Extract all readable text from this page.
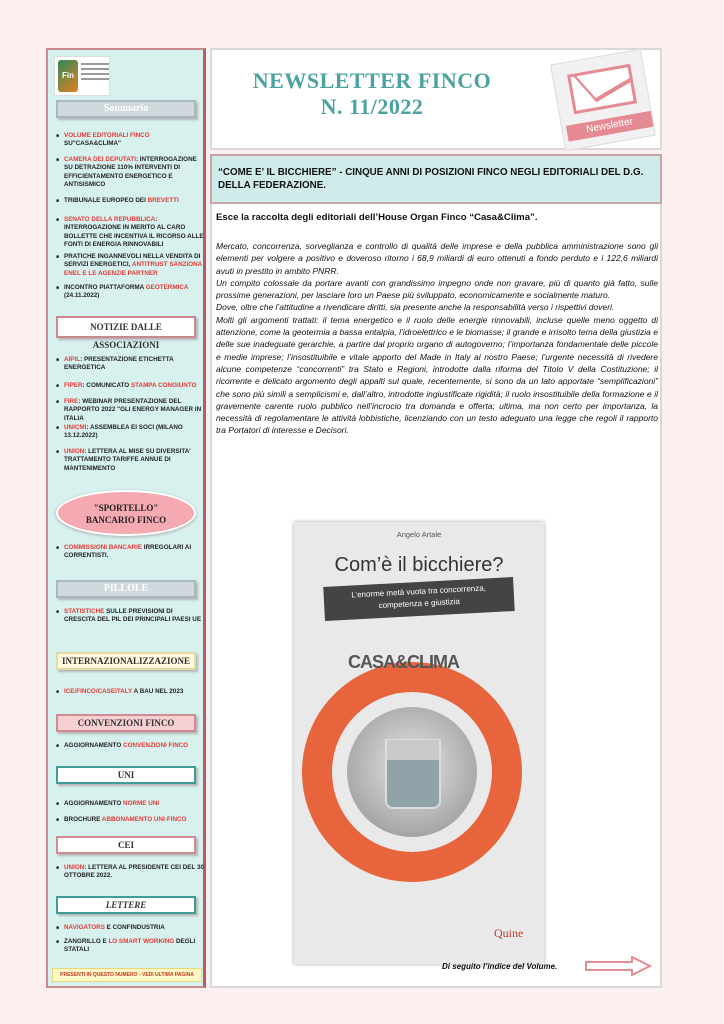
Fin
Sommario
■ VOLUME EDITORIALI FINCO SU"CASA&CLIMA"
■ CAMERA DEI DEPUTATI: INTERROGAZIONE SU DETRAZIONE 110% INTERVENTI DI EFFICIENTAMENTO ENERGETICO E ANTISISMICO
■ TRIBUNALE EUROPEO DEI BREVETTI
■ SENATO DELLA REPUBBLICA: INTERROGAZIONE IN MERITO AL CARO BOLLETTE CHE INCENTIVA IL RICORSO ALLE FONTI DI ENERGIA RINNOVABILI
■ PRATICHE INGANNEVOLI NELLA VENDITA DI SERVIZI ENERGETICI, ANTITRUST SANZIONA ENEL E LE AGENZIE PARTNER
■ INCONTRO PIATTAFORMA GEOTERMICA (24.11.2022)
NOTIZIE DALLE ASSOCIAZIONI
■ AIPIL: PRESENTAZIONE ETICHETTA ENERGETICA
■ FIPER: COMUNICATO STAMPA CONGIUNTO
■ FIRE: WEBINAR PRESENTAZIONE DEL RAPPORTO 2022 "GLI ENERGY MANAGER IN ITALIA
■ UNICMI: ASSEMBLEA EI SOCI (MILANO 13.12.2022)
■ UNION: LETTERA AL MISE SU DIVERSITA' TRATTAMENTO TARIFFE ANNUE DI MANTENIMENTO
"SPORTELLO"
BANCARIO FINCO
■ COMMISSIONI BANCARIE IRREGOLARI AI CORRENTISTI.
PILLOLE
■ STATISTICHE SULLE PREVISIONI DI CRESCITA DEL PIL DEI PRINCIPALI PAESI UE
INTERNAZIONALIZZAZIONE
■ ICE/FINCO/CASEITALY A BAU NEL 2023
CONVENZIONI FINCO
■ AGGIORNAMENTO CONVENZIONI FINCO
UNI
■ AGGIORNAMENTO NORME UNI
■ BROCHURE ABBONAMENTO UNI-FINCO
CEI
■ UNION: LETTERA AL PRESIDENTE CEI DEL 30 OTTOBRE 2022.
LETTERE
■ NAVIGATORS E CONFINDUSTRIA
■ ZANGRILLO E LO SMART WORKING DEGLI STATALI
PRESENTI IN QUESTO NUMERO - VEDI ULTIMA PAGINA
NEWSLETTER FINCO
N. 11/2022
Newsletter
“COME E’ IL BICCHIERE” - CINQUE ANNI DI POSIZIONI FINCO NEGLI EDITORIALI DEL D.G. DELLA FEDERAZIONE.
Esce la raccolta degli editoriali dell’House Organ Finco “Casa&Clima”.

Mercato, concorrenza, sorveglianza e controllo di qualità delle imprese e della pubblica amministrazione sono gli elementi per volgere a positivo e doveroso ritorno i 68,9 miliardi di euro ottenuti a fondo perduto e i 122,6 miliardi avuti in prestito in ambito PNRR.

Un compito colossale da portare avanti con grandissimo impegno onde non gravare, più di quanto già fatto, sulle prossime generazioni, per lasciare loro un Paese più sviluppato, economicamente e socialmente maturo.

Dove, oltre che l’attitudine a rivendicare diritti, sia presente anche la responsabilità verso i rispettivi doveri.

Molti gli argomenti trattati: il tema energetico e il ruolo delle energie rinnovabili, incluse quelle meno oggetto di attenzione, come la geotermia a bassa entalpia, l’idroelettrico e le biomasse; il grande e irrisolto tema della giustizia e delle sue inadeguate gerarchie, a partire dal proprio organo di autogoverno; l’importanza fondamentale delle piccole e medie imprese; l’insostituibile e vitale apporto del Made in Italy al nostro Paese; l’urgente necessità di rivedere alcune competenze “concorrenti” tra Stato e Regioni, introdotte dalla riforma del Titolo V della Costituzione; il ricorrente e delicato argomento degli appalti sul quale, recentemente, si sono da un lato apportate “semplificazioni” che sono più simili a semplicismi e, dall’altro, introdotte ingiustificate rigidità; il ruolo insostituibile della formazione e il gravemente carente ruolo pubblico nell’incrocio tra domanda e offerta; ultima, ma non certo per importanza, la necessità di regolamentare le attività lobbistiche, licenziando con un testo adeguato una legge che regoli il rapporto tra Portatori di interesse e Decisori.

Angelo Artale
Com’è il bicchiere?
L’enorme metà vuota tra concorrenza,
competenza e giustizia
CASA&CLIMA
Quine
Di seguito l’indice del Volume.
